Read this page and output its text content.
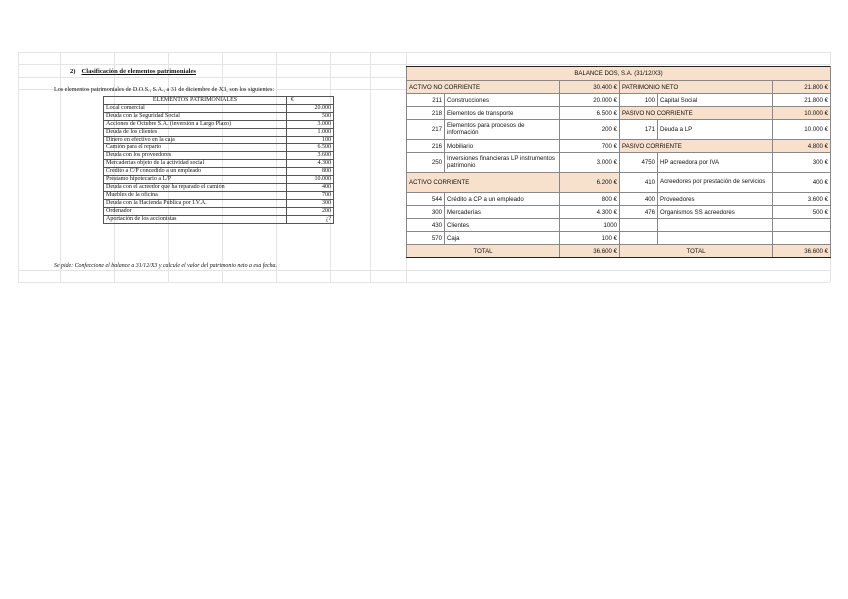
2) Clasificación de elementos patrimoniales
Los elementos patrimoniales de D.O.S., S.A., a 31 de diciembre de X3, son los siguientes:
ELEMENTOS PATRIMONIALES	€
Local comercial	20.000
Deuda con la Seguridad Social	500
Acciones de Octubre S.A. (inversión a Largo Plazo)	3.000
Deuda de los clientes	1.000
Dinero en efectivo en la caja	100
Camión para el reparto	6.500
Deuda con los proveedores	3.600
Mercaderías objeto de la actividad social	4.300
Crédito a C/P concedido a un empleado	800
Préstamo hipotecario a L/P	10.000
Deuda con el acreedor que ha reparado el camión	400
Muebles de la oficina	700
Deuda con la Hacienda Pública por I.V.A.	300
Ordenador	200
Aportación de los accionistas	¿?
Se pide: Confeccione el balance a 31/12/X3 y calcule el valor del patrimonio neto a esa fecha.
BALANCE DOS, S.A. (31/12/X3)					
ACTIVO NO CORRIENTE		30.400 €	PATRIMONIO NETO		21.800 €
211	Construcciones	20.000 €	100	Capital Social	21.800 €
218	Elementos de transporte	6.500 €	PASIVO NO CORRIENTE		10.000 €
217	Elementos para procesos de información	200 €	171	Deuda a LP	10.000 €
216	Mobiliario	700 €	PASIVO CORRIENTE		4.800 €
250	Inversiones financieras LP instrumentos patrimonio	3.000 €	4750	HP acreedora por IVA	300 €
ACTIVO CORRIENTE		6.200 €	410	Acreedores por prestación de servicios	400 €
544	Crédito a CP a un empleado	800 €	400	Proveedores	3.600 €
300	Mercaderías	4.300 €	476	Organismos SS acreedores	500 €
430	Clientes	1000			
570	Caja	100 €			
TOTAL		36.600 €	TOTAL		36.600 €
